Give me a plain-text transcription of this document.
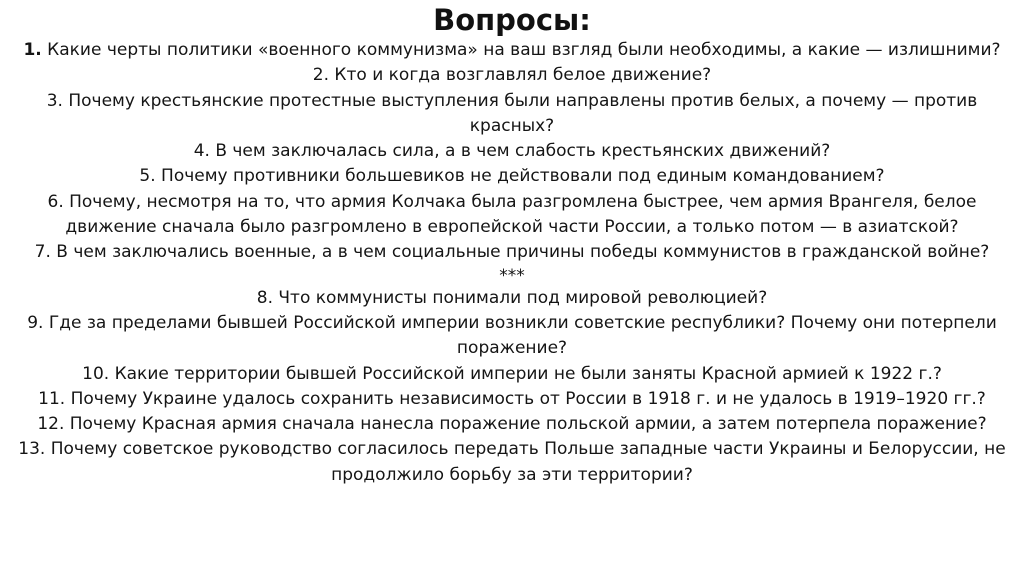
Вопросы:

1. Какие черты политики «военного коммунизма» на ваш взгляд были необходимы, а какие — излишними?

2. Кто и когда возглавлял белое движение?

3. Почему крестьянские протестные выступления были направлены против белых, а почему — против красных?

4. В чем заключалась сила, а в чем слабость крестьянских движений?

5. Почему противники большевиков не действовали под единым командованием?

6. Почему, несмотря на то, что армия Колчака была разгромлена быстрее, чем армия Врангеля, белое движение сначала было разгромлено в европейской части России, а только потом — в азиатской?

7. В чем заключались военные, а в чем социальные причины победы коммунистов в гражданской войне?

***

8. Что коммунисты понимали под мировой революцией?

9. Где за пределами бывшей Российской империи возникли советские республики? Почему они потерпели поражение?

10. Какие территории бывшей Российской империи не были заняты Красной армией к 1922 г.?

11. Почему Украине удалось сохранить независимость от России в 1918 г. и не удалось в 1919–1920 гг.?

12. Почему Красная армия сначала нанесла поражение польской армии, а затем потерпела поражение?

13. Почему советское руководство согласилось передать Польше западные части Украины и Белоруссии, не продолжило борьбу за эти территории?
